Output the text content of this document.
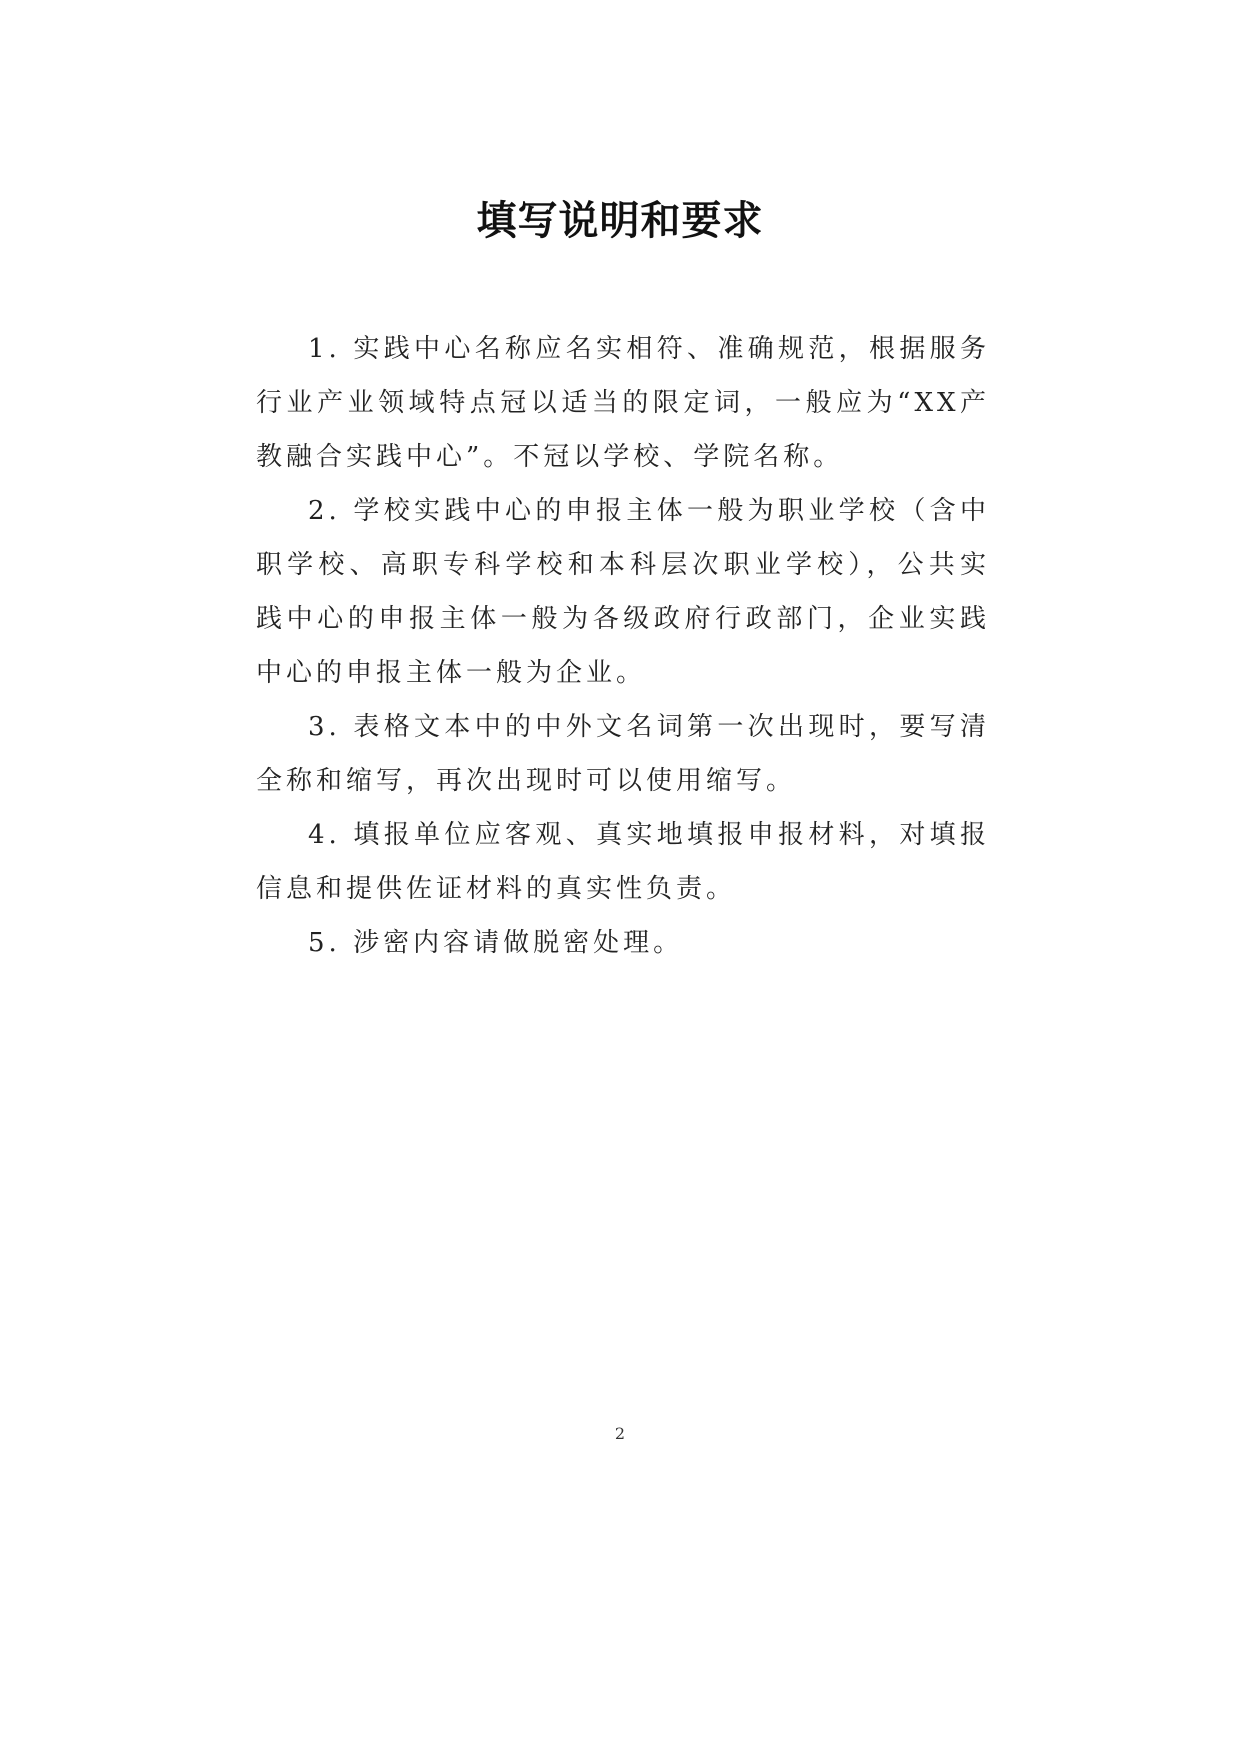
填写说明和要求

1. 实践中心名称应名实相符、准确规范，根据服务行业产业领域特点冠以适当的限定词，一般应为“XX产教融合实践中心”。不冠以学校、学院名称。

2. 学校实践中心的申报主体一般为职业学校（含中职学校、高职专科学校和本科层次职业学校），公共实践中心的申报主体一般为各级政府行政部门，企业实践中心的申报主体一般为企业。

3. 表格文本中的中外文名词第一次出现时，要写清全称和缩写，再次出现时可以使用缩写。

4. 填报单位应客观、真实地填报申报材料，对填报信息和提供佐证材料的真实性负责。

5. 涉密内容请做脱密处理。

2
